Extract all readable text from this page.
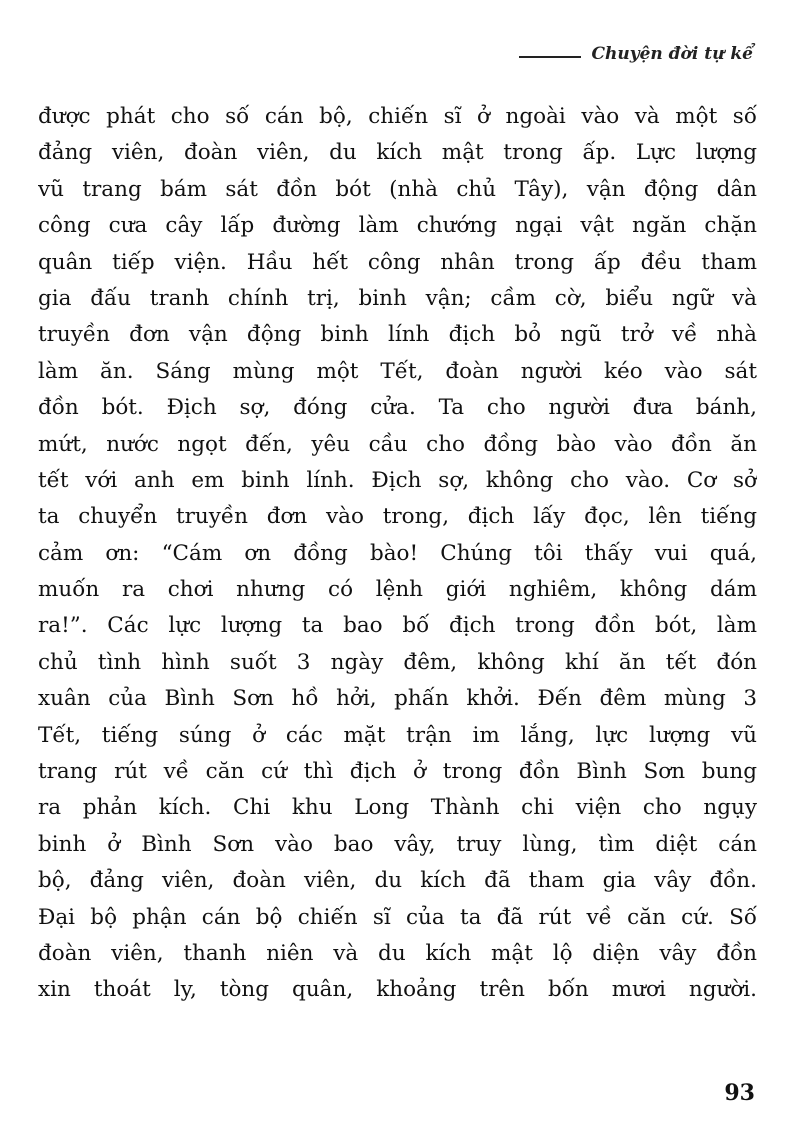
Chuyện đời tự kể
được phát cho số cán bộ, chiến sĩ ở ngoài vào và một số
đảng viên, đoàn viên, du kích mật trong ấp. Lực lượng
vũ trang bám sát đồn bót (nhà chủ Tây), vận động dân
công cưa cây lấp đường làm chướng ngại vật ngăn chặn
quân tiếp viện. Hầu hết công nhân trong ấp đều tham
gia đấu tranh chính trị, binh vận; cầm cờ, biểu ngữ và
truyền đơn vận động binh lính địch bỏ ngũ trở về nhà
làm ăn. Sáng mùng một Tết, đoàn người kéo vào sát
đồn bót. Địch sợ, đóng cửa. Ta cho người đưa bánh,
mứt, nước ngọt đến, yêu cầu cho đồng bào vào đồn ăn
tết với anh em binh lính. Địch sợ, không cho vào. Cơ sở
ta chuyển truyền đơn vào trong, địch lấy đọc, lên tiếng
cảm ơn: “Cám ơn đồng bào! Chúng tôi thấy vui quá,
muốn ra chơi nhưng có lệnh giới nghiêm, không dám
ra!”. Các lực lượng ta bao bố địch trong đồn bót, làm
chủ tình hình suốt 3 ngày đêm, không khí ăn tết đón
xuân của Bình Sơn hồ hởi, phấn khởi. Đến đêm mùng 3
Tết, tiếng súng ở các mặt trận im lắng, lực lượng vũ
trang rút về căn cứ thì địch ở trong đồn Bình Sơn bung
ra phản kích. Chi khu Long Thành chi viện cho ngụy
binh ở Bình Sơn vào bao vây, truy lùng, tìm diệt cán
bộ, đảng viên, đoàn viên, du kích đã tham gia vây đồn.
Đại bộ phận cán bộ chiến sĩ của ta đã rút về căn cứ. Số
đoàn viên, thanh niên và du kích mật lộ diện vây đồn
xin thoát ly, tòng quân, khoảng trên bốn mươi người.
93
